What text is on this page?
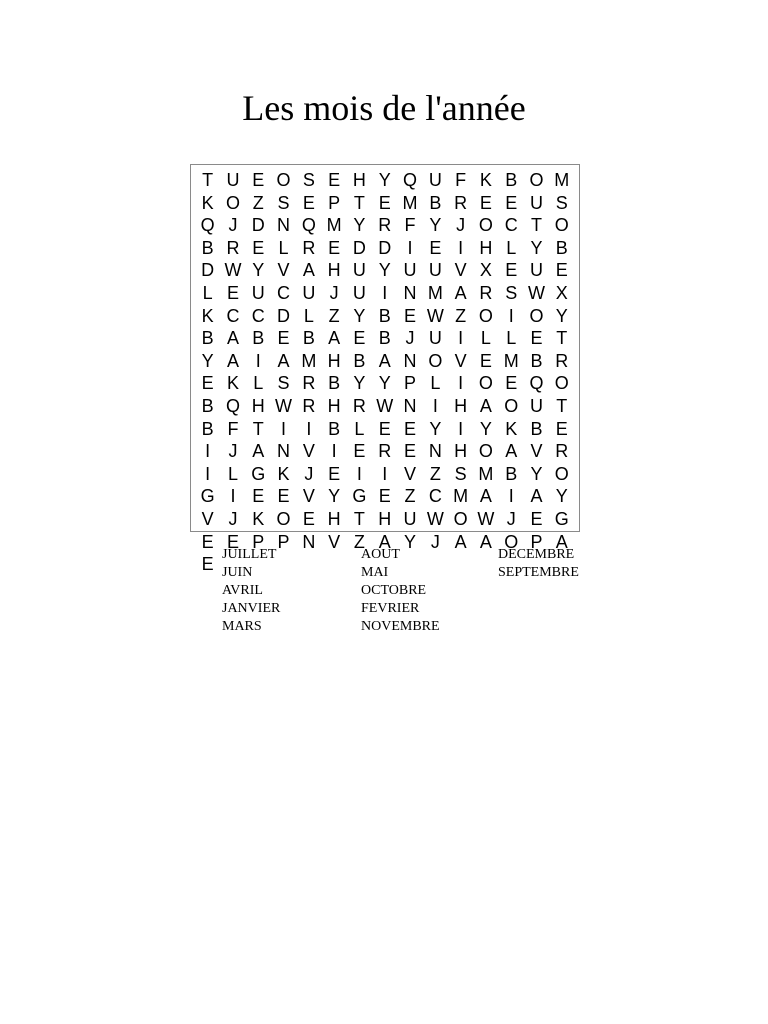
Les mois de l'année
T U E O S E H Y Q U F K B O M
K O Z S E P T E M B R E E U S
Q J D N Q M Y R F Y J O C T O
B R E L R E D D I E I H L Y B
D W Y V A H U Y U U V X E U E
L E U C U J U I N M A R S W X
K C C D L Z Y B E W Z O I O Y
B A B E B A E B J U I L L E T
Y A I A M H B A N O V E M B R
E K L S R B Y Y P L I O E Q O
B Q H W R H R W N I H A O U T
B F T I	I B L E E Y I Y K B E
I	J A N V I E R E N H O A V R
I L G K J E I	I V Z S M B Y O
G I E E V Y G E Z C M A I A Y
V J K O E H T H U W O W J E G
E E P P N V Z A Y J A A O P A
E JUILLET
JUIN
AVRIL
JANVIER
MARS
AOUT
MAI
OCTOBRE
FEVRIER
NOVEMBRE
DECEMBRE
SEPTEMBRE
